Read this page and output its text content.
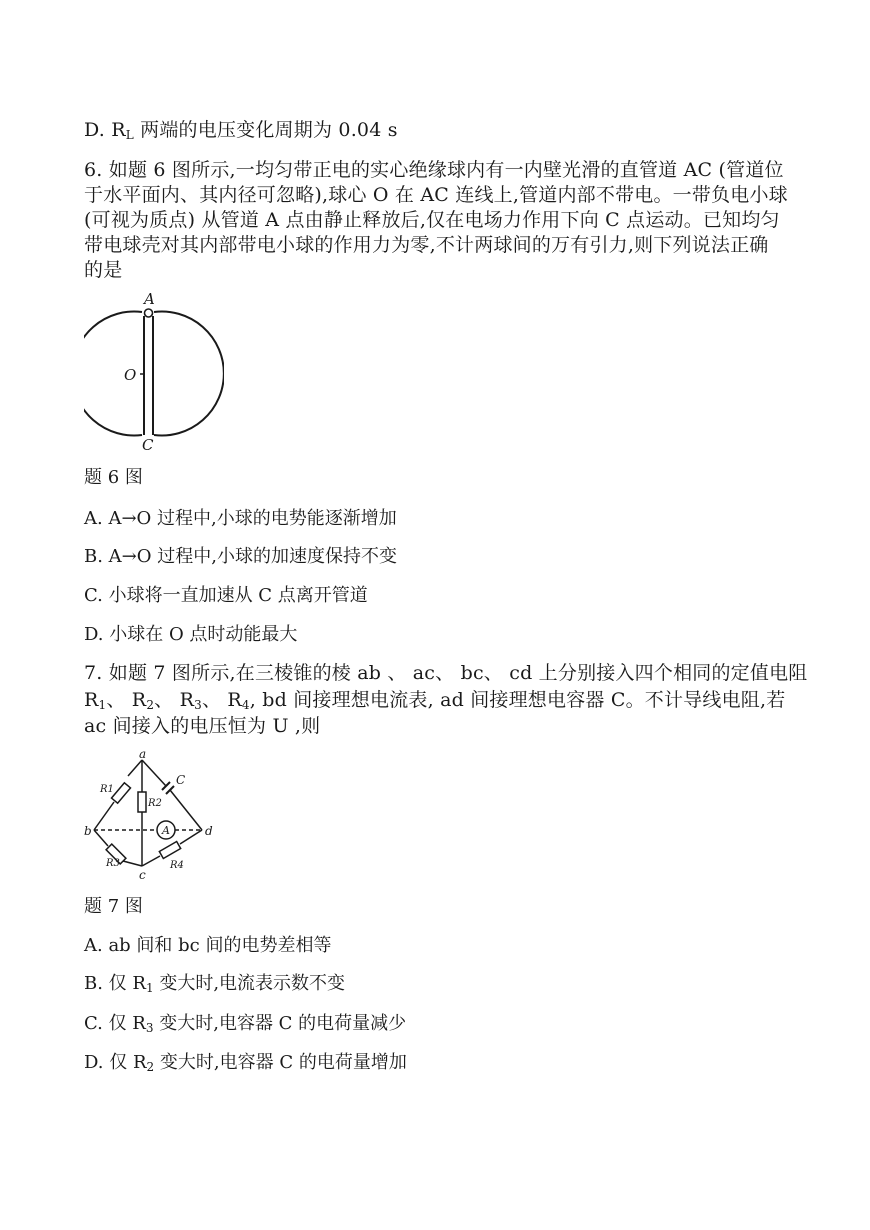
D. $R_L$ 两端的电压变化周期为 0.04 s
6. 如题 6 图所示,一均匀带正电的实心绝缘球内有一内壁光滑的直管道 AC (管道位
于水平面内、其内径可忽略),球心 O 在 AC 连线上,管道内部不带电。一带负电小球
(可视为质点) 从管道 A 点由静止释放后,仅在电场力作用下向 C 点运动。已知均匀
带电球壳对其内部带电小球的作用力为零,不计两球间的万有引力,则下列说法正确
的是
A
O
C
题 6 图
A. A→O 过程中,小球的电势能逐渐增加
B. A→O 过程中,小球的加速度保持不变
C. 小球将一直加速从 C 点离开管道
D. 小球在 O 点时动能最大
7. 如题 7 图所示,在三棱锥的棱 ab 、 ac、 bc、 cd 上分别接入四个相同的定值电阻
$R_1$、 $R_2$、 $R_3$、 $R_4$, bd 间接理想电流表, ad 间接理想电容器 C。不计导线电阻,若
ac 间接入的电压恒为 U ,则
a
b
c
d
R1
R2
R3	R4
C
A
题 7 图
A. ab 间和 bc 间的电势差相等
B. 仅 $R_1$ 变大时,电流表示数不变
C. 仅 $R_3$ 变大时,电容器 C 的电荷量减少
D. 仅 $R_2$ 变大时,电容器 C 的电荷量增加
